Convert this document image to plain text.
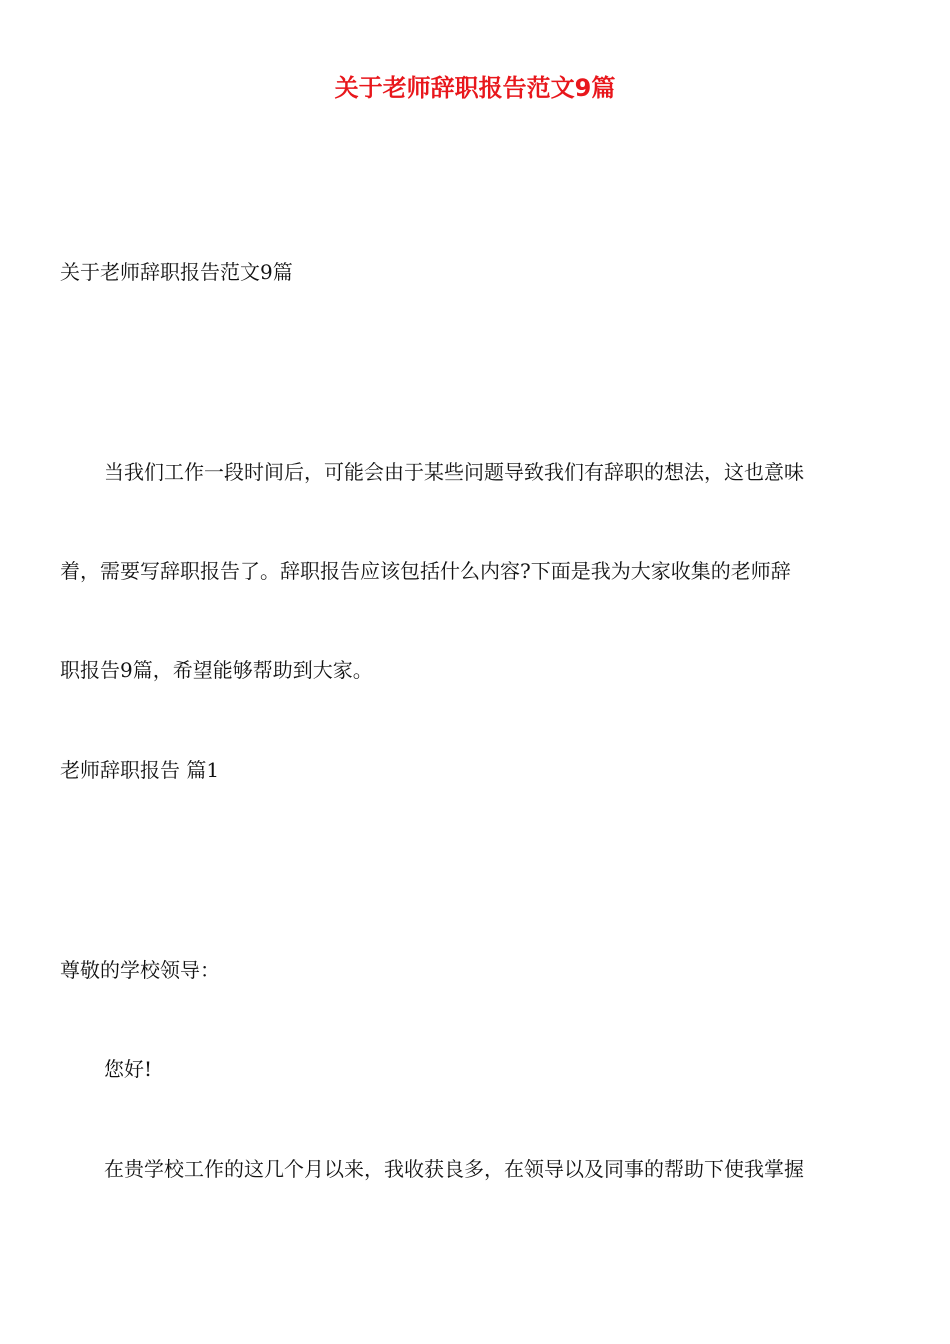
关于老师辞职报告范文9篇

关于老师辞职报告范文9篇

当我们工作一段时间后，可能会由于某些问题导致我们有辞职的想法，这也意味

着，需要写辞职报告了。辞职报告应该包括什么内容?下面是我为大家收集的老师辞

职报告9篇，希望能够帮助到大家。

老师辞职报告 篇1

尊敬的学校领导：

您好!

在贵学校工作的这几个月以来，我收获良多，在领导以及同事的帮助下使我掌握
